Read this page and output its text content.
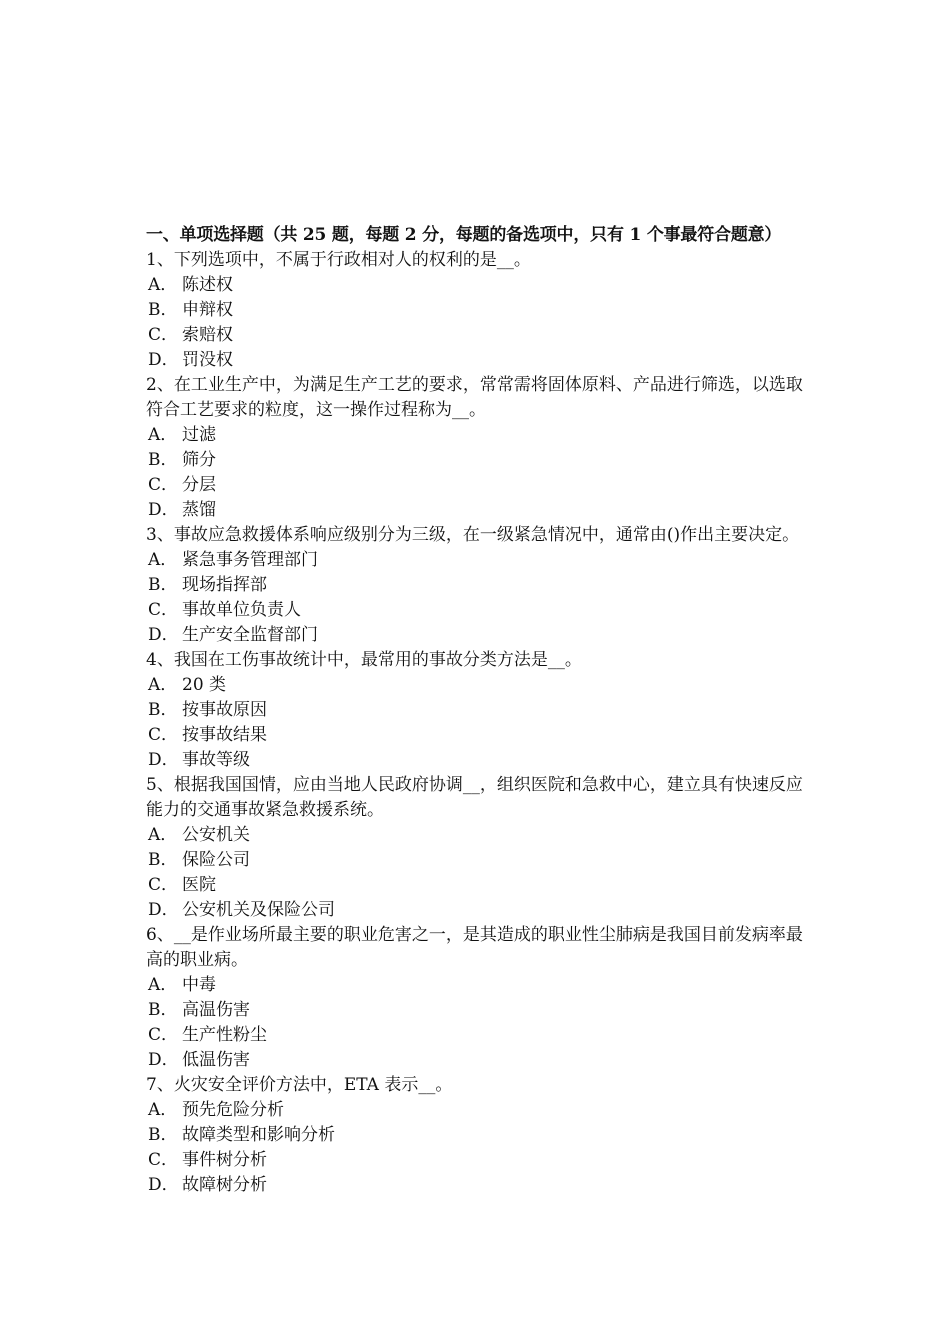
一、单项选择题（共 25 题，每题 2 分，每题的备选项中，只有 1 个事最符合题意）

1、下列选项中，不属于行政相对人的权利的是__。

A． 陈述权
B． 申辩权
C． 索赔权
D． 罚没权

2、在工业生产中，为满足生产工艺的要求，常常需将固体原料、产品进行筛选，以选取符合工艺要求的粒度，这一操作过程称为__。

A． 过滤
B． 筛分
C． 分层
D． 蒸馏

3、事故应急救援体系响应级别分为三级，在一级紧急情况中，通常由()作出主要决定。

A． 紧急事务管理部门
B． 现场指挥部
C． 事故单位负责人
D． 生产安全监督部门

4、我国在工伤事故统计中，最常用的事故分类方法是__。

A． 20 类
B． 按事故原因
C． 按事故结果
D． 事故等级

5、根据我国国情，应由当地人民政府协调__，组织医院和急救中心，建立具有快速反应能力的交通事故紧急救援系统。

A． 公安机关
B． 保险公司
C． 医院
D． 公安机关及保险公司

6、__是作业场所最主要的职业危害之一，是其造成的职业性尘肺病是我国目前发病率最高的职业病。

A． 中毒
B． 高温伤害
C． 生产性粉尘
D． 低温伤害

7、火灾安全评价方法中，ETA 表示__。

A． 预先危险分析
B． 故障类型和影响分析
C． 事件树分析
D． 故障树分析
